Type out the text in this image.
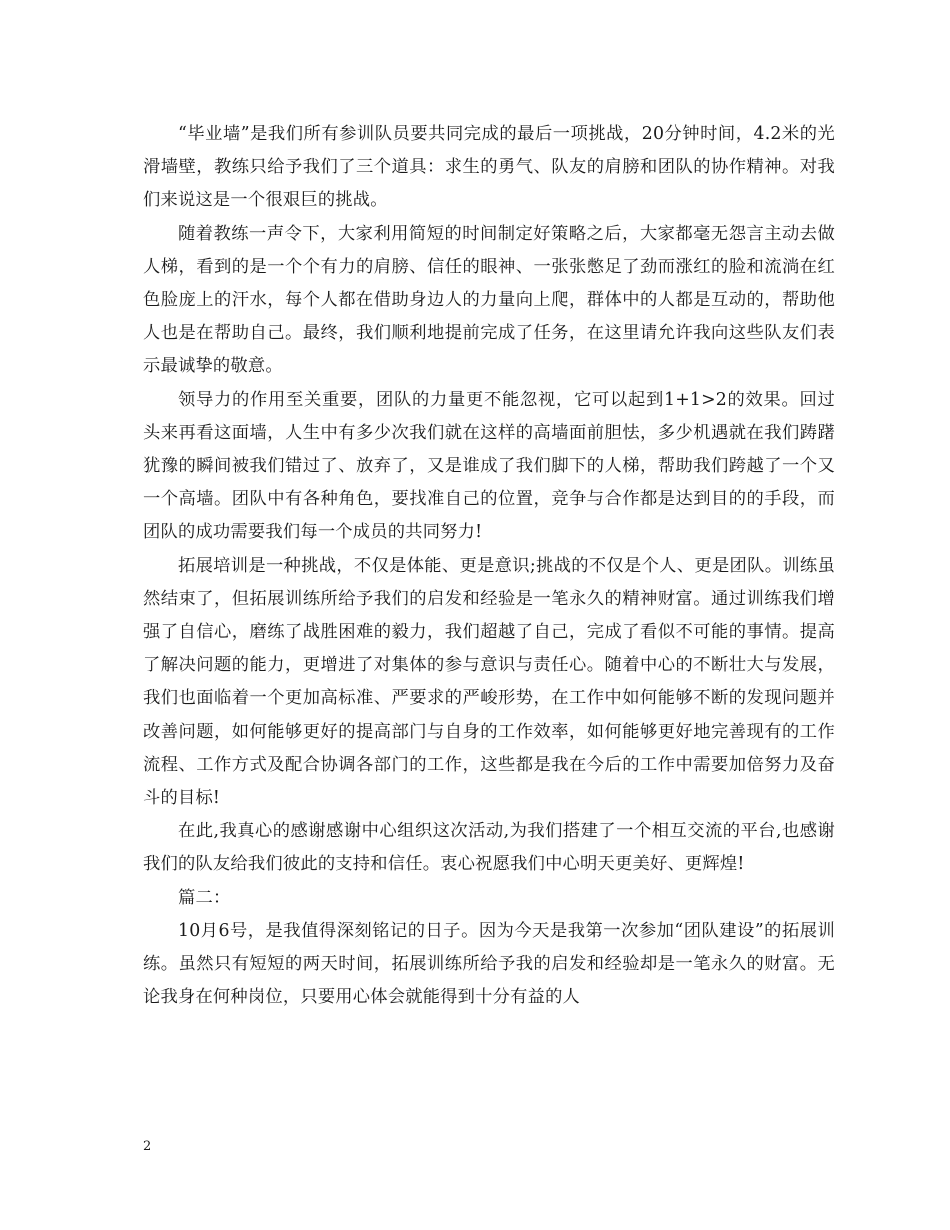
“毕业墙”是我们所有参训队员要共同完成的最后一项挑战，20分钟时间，4.2米的光滑墙壁，教练只给予我们了三个道具：求生的勇气、队友的肩膀和团队的协作精神。对我们来说这是一个很艰巨的挑战。

随着教练一声令下，大家利用简短的时间制定好策略之后，大家都毫无怨言主动去做人梯，看到的是一个个有力的肩膀、信任的眼神、一张张憋足了劲而涨红的脸和流淌在红色脸庞上的汗水，每个人都在借助身边人的力量向上爬，群体中的人都是互动的，帮助他人也是在帮助自己。最终，我们顺利地提前完成了任务，在这里请允许我向这些队友们表示最诚挚的敬意。

领导力的作用至关重要，团队的力量更不能忽视，它可以起到1+1>2的效果。回过头来再看这面墙，人生中有多少次我们就在这样的高墙面前胆怯，多少机遇就在我们踌躇犹豫的瞬间被我们错过了、放弃了，又是谁成了我们脚下的人梯，帮助我们跨越了一个又一个高墙。团队中有各种角色，要找准自己的位置，竞争与合作都是达到目的的手段，而团队的成功需要我们每一个成员的共同努力!

拓展培训是一种挑战，不仅是体能、更是意识;挑战的不仅是个人、更是团队。训练虽然结束了，但拓展训练所给予我们的启发和经验是一笔永久的精神财富。通过训练我们增强了自信心，磨练了战胜困难的毅力，我们超越了自己，完成了看似不可能的事情。提高了解决问题的能力，更增进了对集体的参与意识与责任心。随着中心的不断壮大与发展，我们也面临着一个更加高标准、严要求的严峻形势，在工作中如何能够不断的发现问题并改善问题，如何能够更好的提高部门与自身的工作效率，如何能够更好地完善现有的工作流程、工作方式及配合协调各部门的工作，这些都是我在今后的工作中需要加倍努力及奋斗的目标!

在此,我真心的感谢感谢中心组织这次活动,为我们搭建了一个相互交流的平台,也感谢我们的队友给我们彼此的支持和信任。衷心祝愿我们中心明天更美好、更辉煌!

篇二：

10月6号，是我值得深刻铭记的日子。因为今天是我第一次参加“团队建设”的拓展训练。虽然只有短短的两天时间，拓展训练所给予我的启发和经验却是一笔永久的财富。无论我身在何种岗位，只要用心体会就能得到十分有益的人

2
